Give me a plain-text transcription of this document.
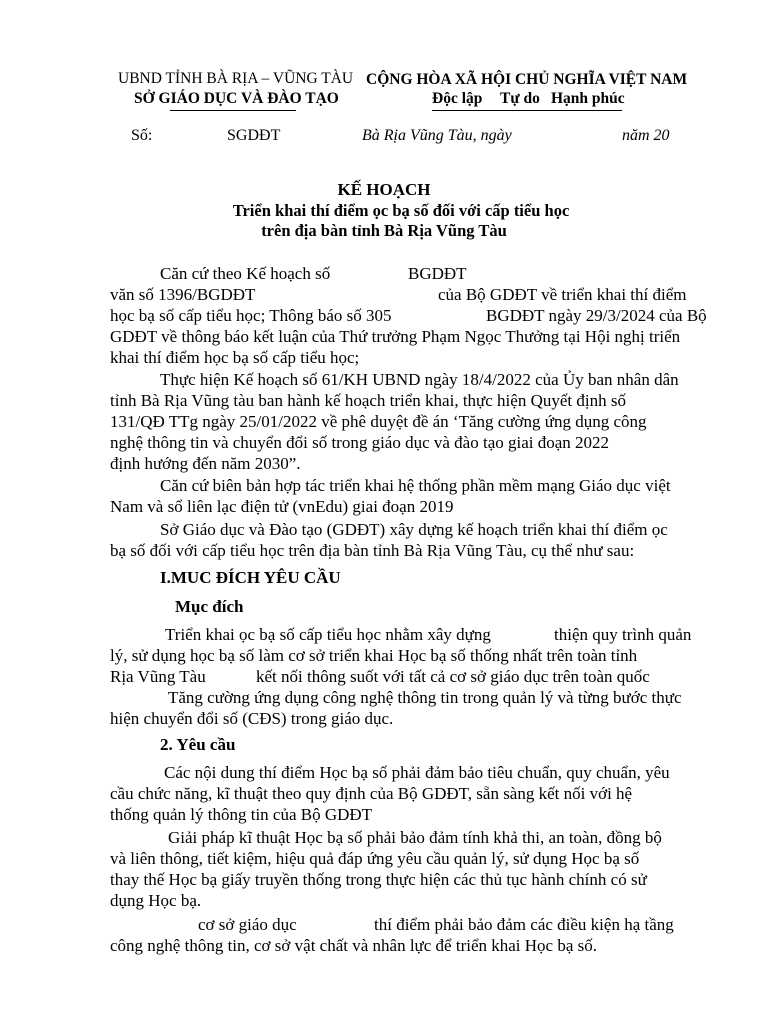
UBND TỈNH BÀ RỊA – VŨNG TÀU
SỞ GIÁO DỤC VÀ ĐÀO TẠO
CỘNG HÒA XÃ HỘI CHỦ NGHĨA VIỆT NAM
Độc lập Tự do Hạnh phúc
Số:	SGDĐT	Bà Rịa Vũng Tàu, ngày	năm 20
KẾ HOẠCH
Triển khai thí điểm ọc bạ số đối với cấp tiểu học
trên địa bàn tỉnh Bà Rịa Vũng Tàu
Căn cứ theo Kế hoạch số	BGDĐT
văn số 1396/BGDĐT	của Bộ GDĐT về triển khai thí điểm
học bạ số cấp tiểu học; Thông báo số 305	BGDĐT ngày 29/3/2024 của Bộ
GDĐT về thông báo kết luận của Thứ trưởng Phạm Ngọc Thưởng tại Hội nghị triển
khai thí điểm học bạ số cấp tiểu học;
Thực hiện Kế hoạch số 61/KH UBND ngày 18/4/2022 của Ủy ban nhân dân
tỉnh Bà Rịa Vũng tàu ban hành kế hoạch triển khai, thực hiện Quyết định số
131/QĐ TTg ngày 25/01/2022 về phê duyệt đề án ‘Tăng cường ứng dụng công
nghệ thông tin và chuyển đổi số trong giáo dục và đào tạo giai đoạn 2022
định hướng đến năm 2030”.
Căn cứ biên bản hợp tác triển khai hệ thống phần mềm mạng Giáo dục việt
Nam và sổ liên lạc điện tử (vnEdu) giai đoạn 2019
Sở Giáo dục và Đào tạo (GDĐT) xây dựng kế hoạch triển khai thí điểm ọc
bạ số đối với cấp tiểu học trên địa bàn tỉnh Bà Rịa Vũng Tàu, cụ thể như sau:
I.MUC ĐÍCH YÊU CẦU
Mục đích
Triển khai ọc bạ số cấp tiểu học nhằm xây dựng	thiện quy trình quản
lý, sử dụng học bạ số làm cơ sở triển khai Học bạ số thống nhất trên toàn tỉnh
Rịa Vũng Tàu	kết nối thông suốt với tất cả cơ sở giáo dục trên toàn quốc
Tăng cường ứng dụng công nghệ thông tin trong quản lý và từng bước thực
hiện chuyển đổi số (CĐS) trong giáo dục.
2. Yêu cầu
Các nội dung thí điểm Học bạ số phải đảm bảo tiêu chuẩn, quy chuẩn, yêu
cầu chức năng, kĩ thuật theo quy định của Bộ GDĐT, sẵn sàng kết nối với hệ
thống quản lý thông tin của Bộ GDĐT
Giải pháp kĩ thuật Học bạ số phải bảo đảm tính khả thi, an toàn, đồng bộ
và liên thông, tiết kiệm, hiệu quả đáp ứng yêu cầu quản lý, sử dụng Học bạ số
thay thế Học bạ giấy truyền thống trong thực hiện các thủ tục hành chính có sử
dụng Học bạ.
cơ sở giáo dục	thí điểm phải bảo đảm các điều kiện hạ tầng
công nghệ thông tin, cơ sở vật chất và nhân lực để triển khai Học bạ số.
